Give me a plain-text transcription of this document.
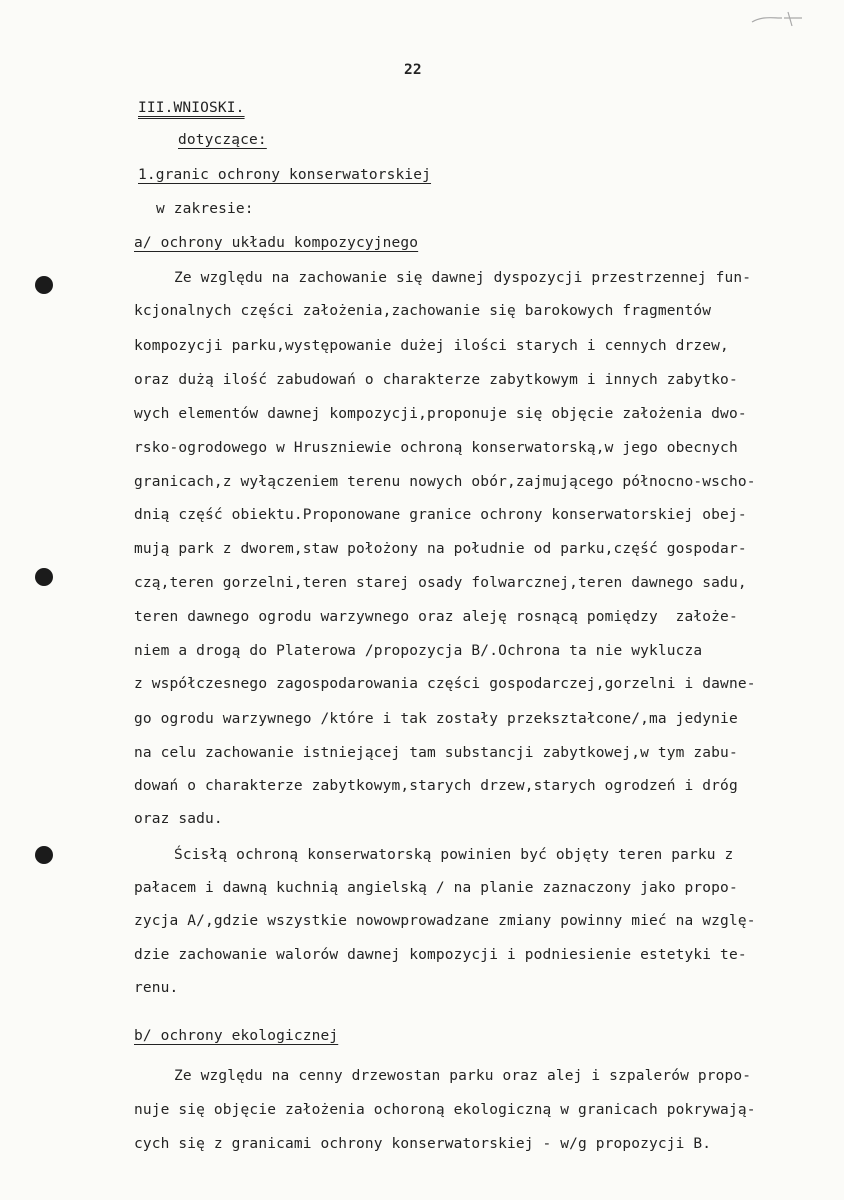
22
III.WNIOSKI.
dotyczące:
1.granic ochrony konserwatorskiej
w zakresie:
a/ ochrony układu kompozycyjnego
Ze względu na zachowanie się dawnej dyspozycji przestrzennej fun-
kcjonalnych części założenia,zachowanie się barokowych fragmentów
kompozycji parku,występowanie dużej ilości starych i cennych drzew,
oraz dużą ilość zabudowań o charakterze zabytkowym i innych zabytko-
wych elementów dawnej kompozycji,proponuje się objęcie założenia dwo-
rsko-ogrodowego w Hruszniewie ochroną konserwatorską,w jego obecnych
granicach,z wyłączeniem terenu nowych obór,zajmującego północno-wscho-
dnią część obiektu.Proponowane granice ochrony konserwatorskiej obej-
mują park z dworem,staw położony na południe od parku,część gospodar-
czą,teren gorzelni,teren starej osady folwarcznej,teren dawnego sadu,
teren dawnego ogrodu warzywnego oraz aleję rosnącą pomiędzy  założe-
niem a drogą do Platerowa /propozycja B/.Ochrona ta nie wyklucza
z współczesnego zagospodarowania części gospodarczej,gorzelni i dawne-
go ogrodu warzywnego /które i tak zostały przekształcone/,ma jedynie
na celu zachowanie istniejącej tam substancji zabytkowej,w tym zabu-
dowań o charakterze zabytkowym,starych drzew,starych ogrodzeń i dróg
oraz sadu.
Ścisłą ochroną konserwatorską powinien być objęty teren parku z
pałacem i dawną kuchnią angielską / na planie zaznaczony jako propo-
zycja A/,gdzie wszystkie nowowprowadzane zmiany powinny mieć na wzglę-
dzie zachowanie walorów dawnej kompozycji i podniesienie estetyki te-
renu.
b/ ochrony ekologicznej
Ze względu na cenny drzewostan parku oraz alej i szpalerów propo-
nuje się objęcie założenia ochoroną ekologiczną w granicach pokrywają-
cych się z granicami ochrony konserwatorskiej - w/g propozycji B.
